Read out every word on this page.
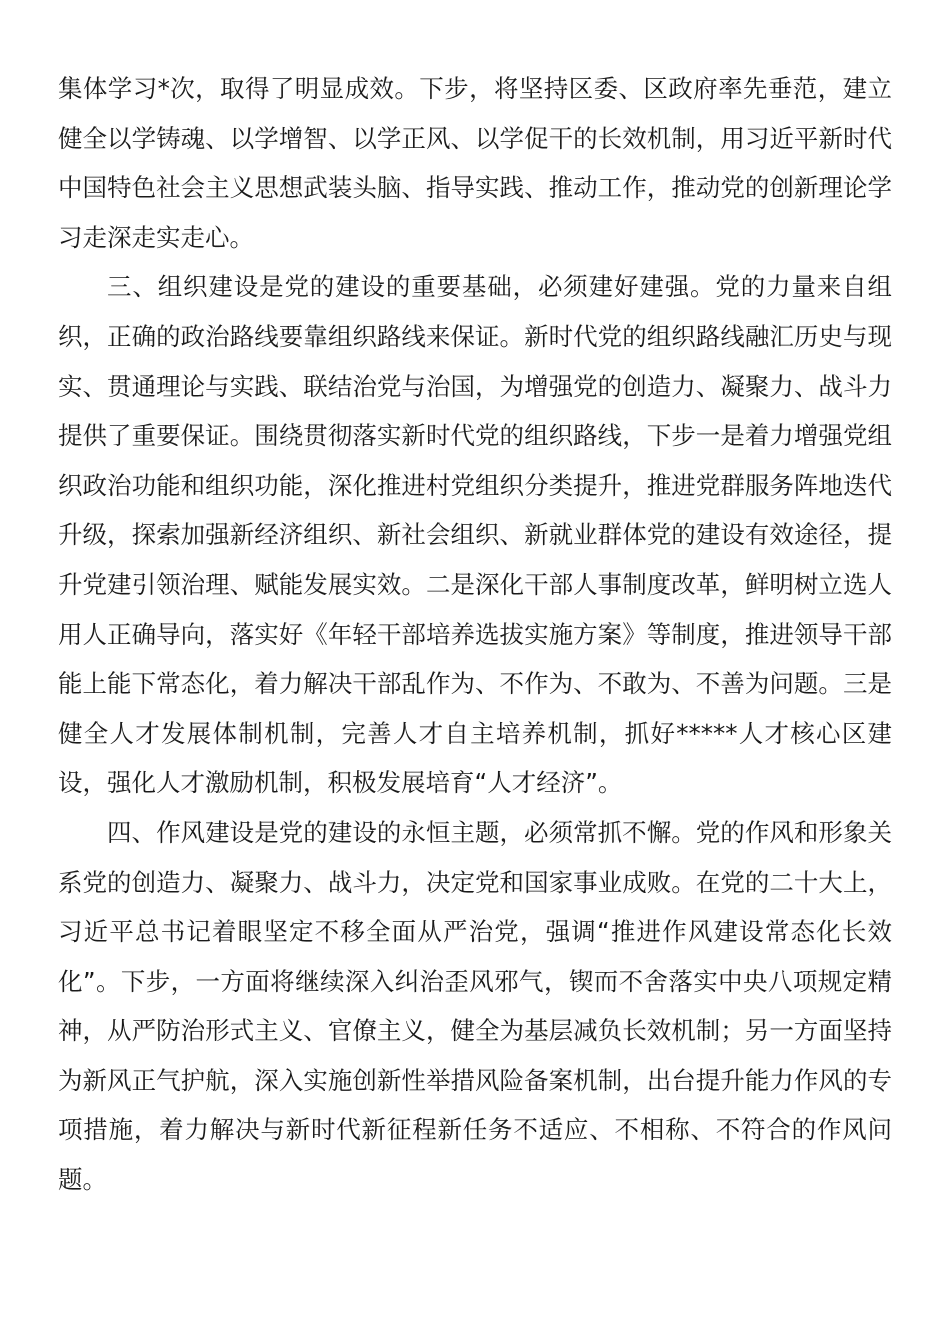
集体学习*次，取得了明显成效。下步，将坚持区委、区政府率先垂范，建立健全以学铸魂、以学增智、以学正风、以学促干的长效机制，用习近平新时代中国特色社会主义思想武装头脑、指导实践、推动工作，推动党的创新理论学习走深走实走心。

三、组织建设是党的建设的重要基础，必须建好建强。党的力量来自组织，正确的政治路线要靠组织路线来保证。新时代党的组织路线融汇历史与现实、贯通理论与实践、联结治党与治国，为增强党的创造力、凝聚力、战斗力提供了重要保证。围绕贯彻落实新时代党的组织路线，下步一是着力增强党组织政治功能和组织功能，深化推进村党组织分类提升，推进党群服务阵地迭代升级，探索加强新经济组织、新社会组织、新就业群体党的建设有效途径，提升党建引领治理、赋能发展实效。二是深化干部人事制度改革，鲜明树立选人用人正确导向，落实好《年轻干部培养选拔实施方案》等制度，推进领导干部能上能下常态化，着力解决干部乱作为、不作为、不敢为、不善为问题。三是健全人才发展体制机制，完善人才自主培养机制，抓好*****人才核心区建设，强化人才激励机制，积极发展培育“人才经济”。

四、作风建设是党的建设的永恒主题，必须常抓不懈。党的作风和形象关系党的创造力、凝聚力、战斗力，决定党和国家事业成败。在党的二十大上，习近平总书记着眼坚定不移全面从严治党，强调“推进作风建设常态化长效化”。下步，一方面将继续深入纠治歪风邪气，锲而不舍落实中央八项规定精神，从严防治形式主义、官僚主义，健全为基层减负长效机制；另一方面坚持为新风正气护航，深入实施创新性举措风险备案机制，出台提升能力作风的专项措施，着力解决与新时代新征程新任务不适应、不相称、不符合的作风问题。
